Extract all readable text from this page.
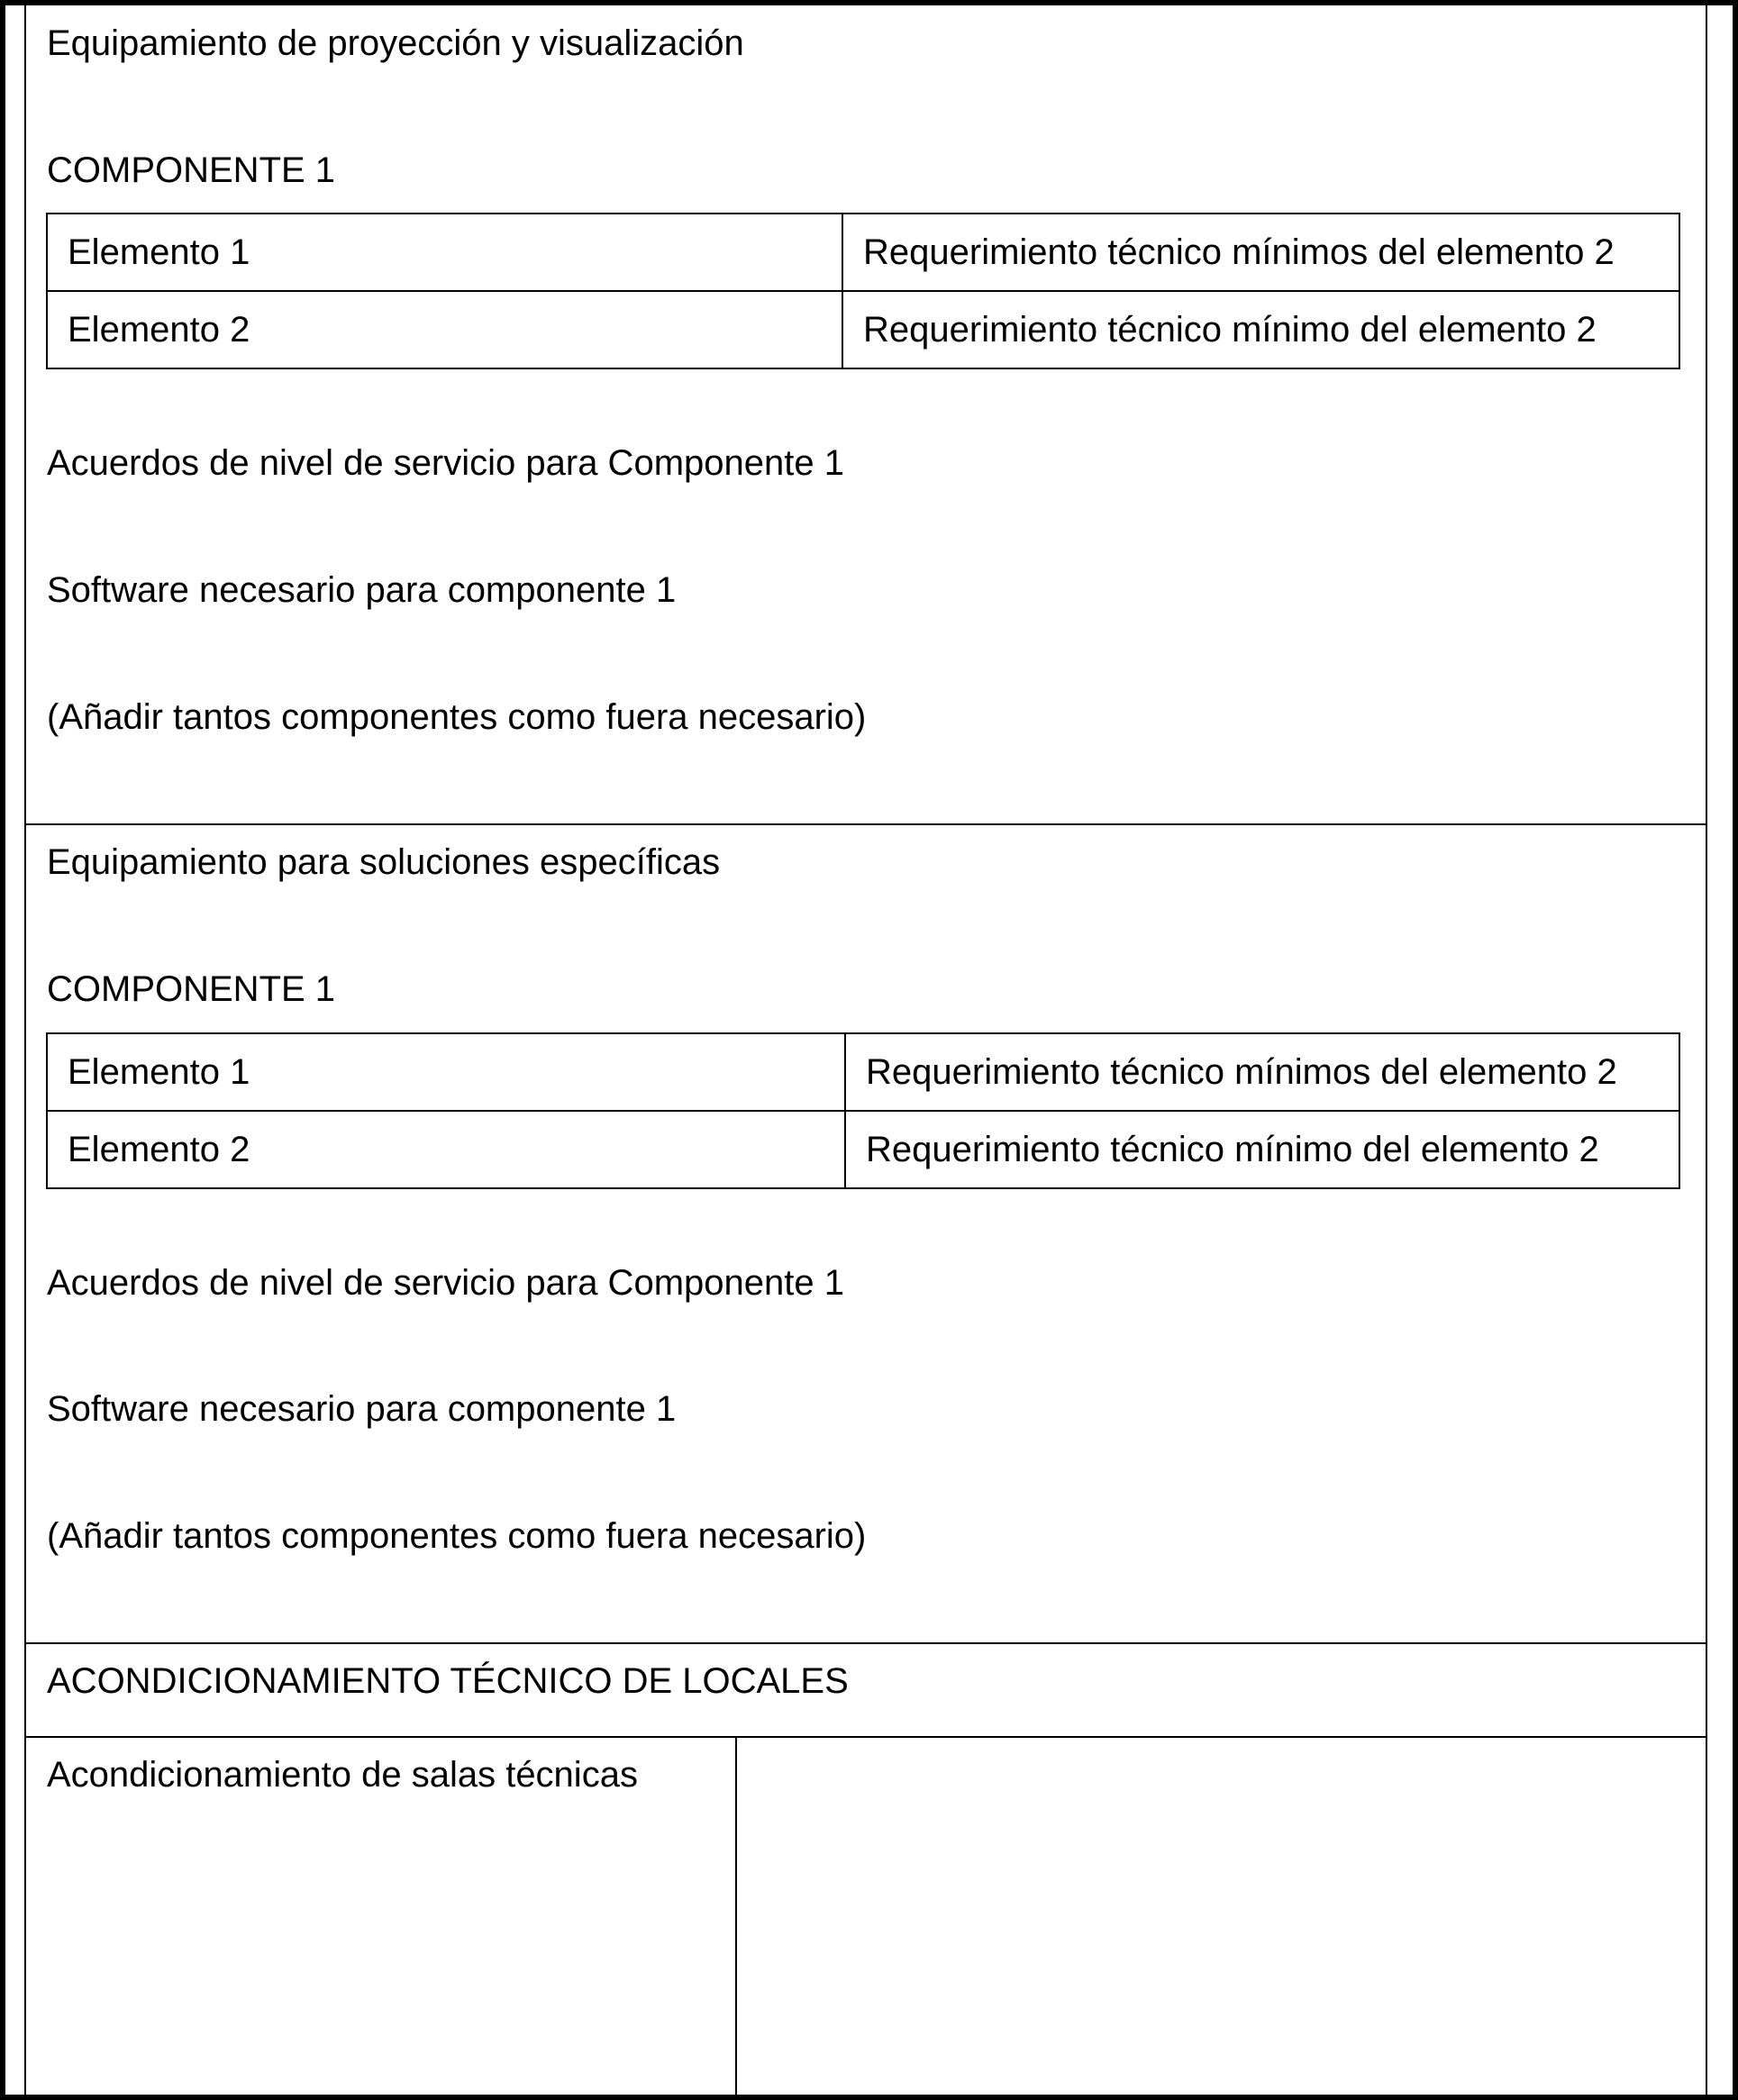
Equipamiento de proyección y visualización
COMPONENTE 1
Elemento 1	Requerimiento técnico mínimos del elemento 2
Elemento 2	Requerimiento técnico mínimo del elemento 2
Acuerdos de nivel de servicio para Componente 1
Software necesario para componente 1
(Añadir tantos componentes como fuera necesario)
Equipamiento para soluciones específicas
COMPONENTE 1
Elemento 1	Requerimiento técnico mínimos del elemento 2
Elemento 2	Requerimiento técnico mínimo del elemento 2
Acuerdos de nivel de servicio para Componente 1
Software necesario para componente 1
(Añadir tantos componentes como fuera necesario)
ACONDICIONAMIENTO TÉCNICO DE LOCALES
Acondicionamiento de salas técnicas
